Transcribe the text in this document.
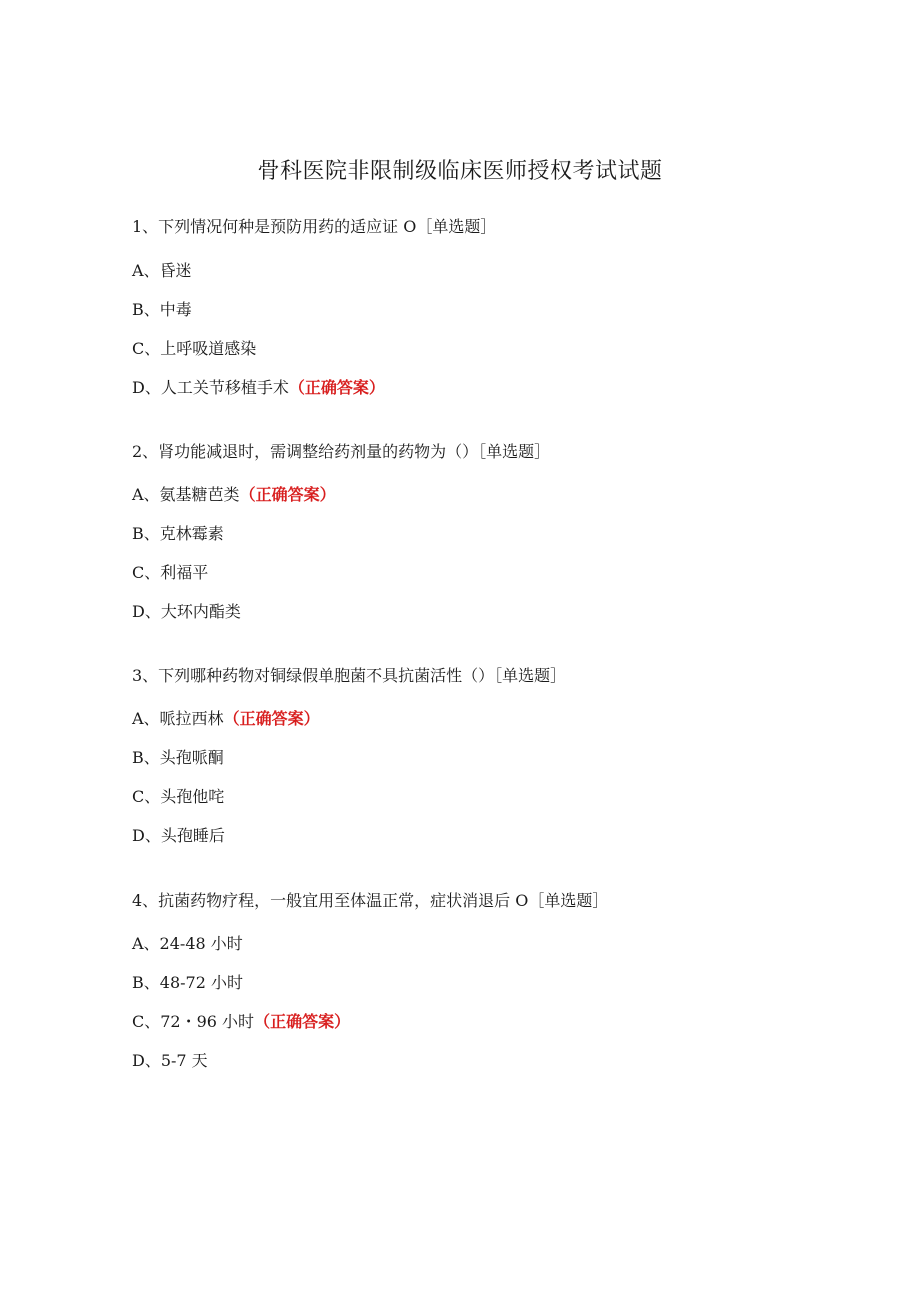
骨科医院非限制级临床医师授权考试试题

1、下列情况何种是预防用药的适应证 O［单选题］

A、昏迷

B、中毒

C、上呼吸道感染

D、人工关节移植手术（正确答案）

2、肾功能减退时，需调整给药剂量的药物为（）［单选题］

A、氨基糖芭类（正确答案）

B、克林霉素

C、利福平

D、大环内酯类

3、下列哪种药物对铜绿假单胞菌不具抗菌活性（）［单选题］

A、哌拉西林（正确答案）

B、头孢哌酮

C、头孢他咤

D、头孢睡后

4、抗菌药物疗程，一般宜用至体温正常，症状消退后 O［单选题］

A、24-48 小时

B、48-72 小时

C、72・96 小时（正确答案）

D、5-7 天
